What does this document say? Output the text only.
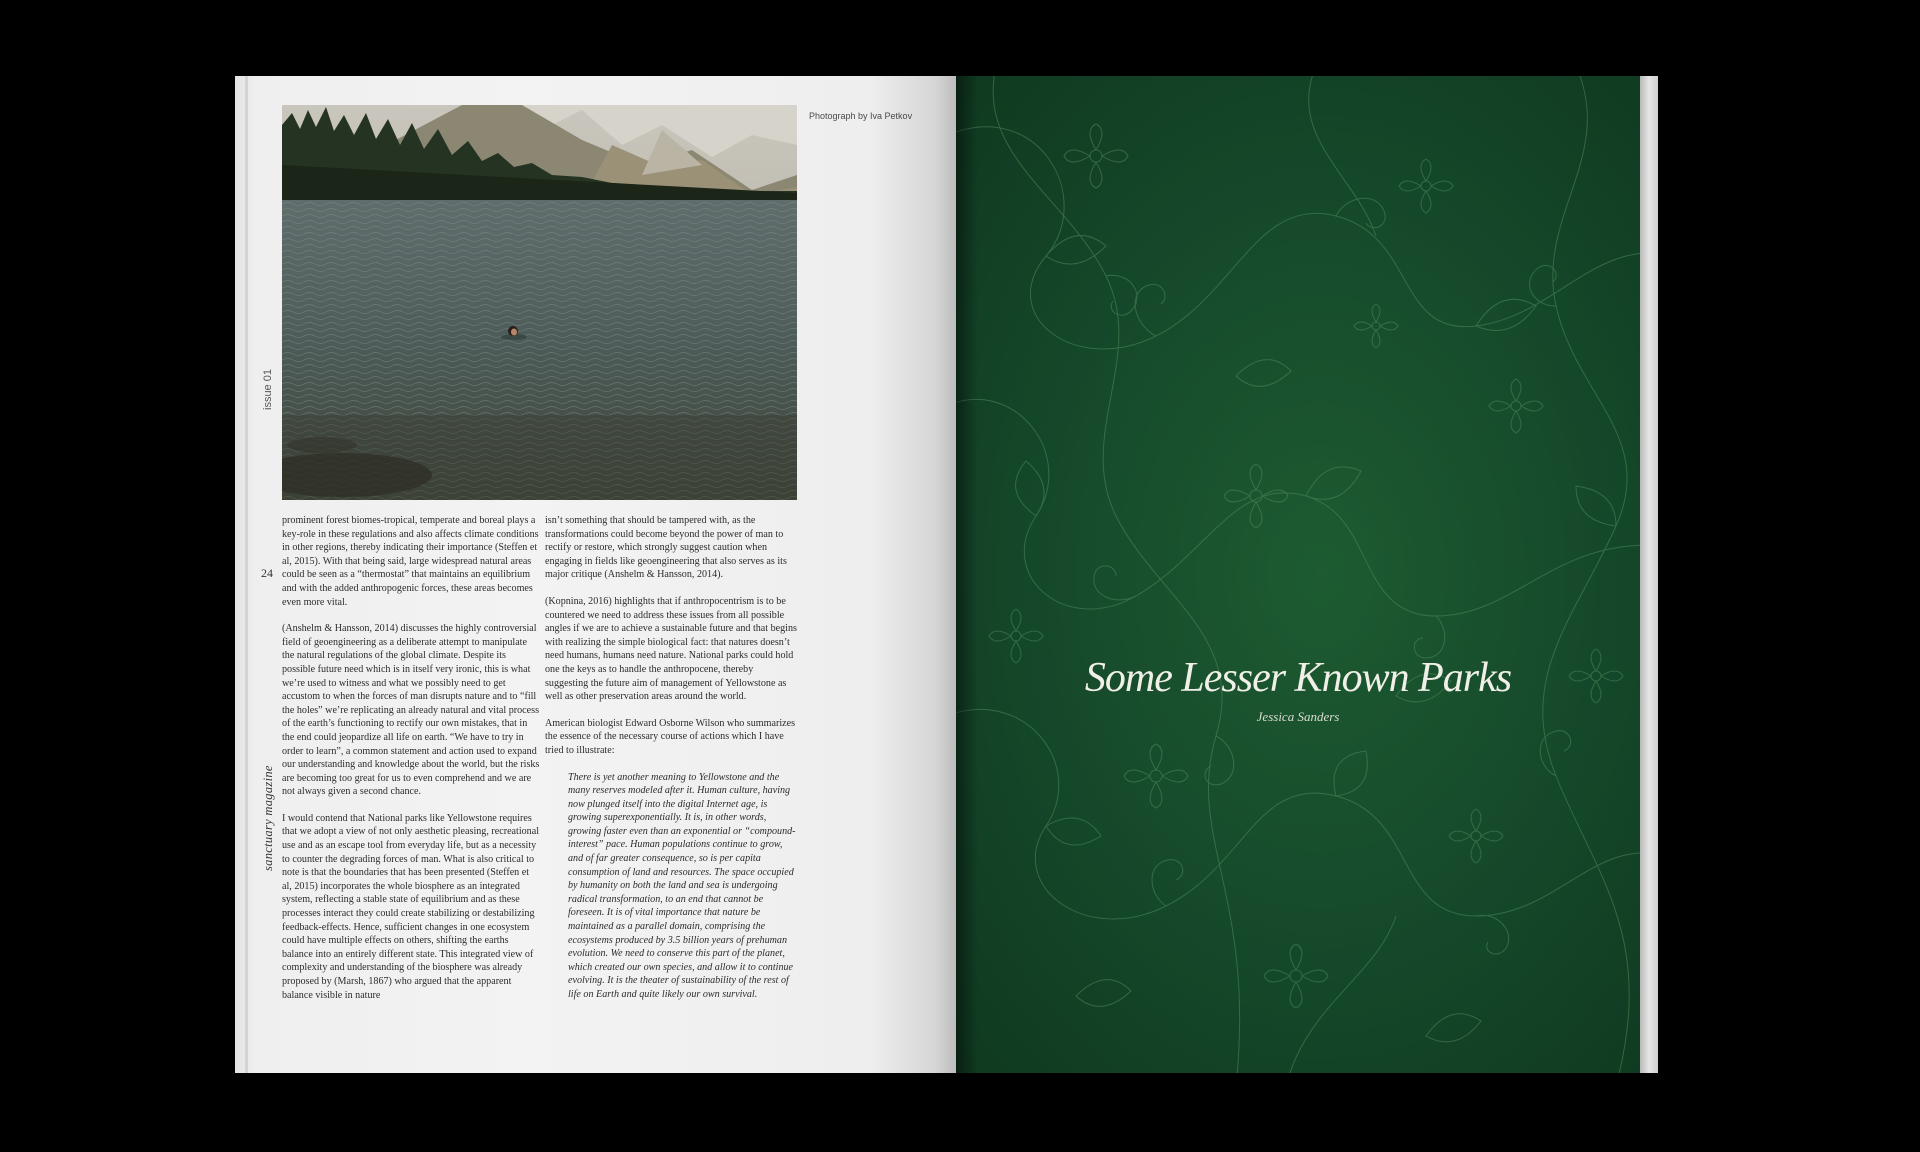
Photograph by Iva Petkov
issue 01
24
sanctuary magazine

prominent forest biomes-tropical, temperate and boreal plays a key-role in these regulations and also affects climate conditions in other regions, thereby indicating their importance (Steffen et al, 2015). With that being said, large widespread natural areas could be seen as a “thermostat” that maintains an equilibrium and with the added anthropogenic forces, these areas becomes even more vital.

(Anshelm & Hansson, 2014) discusses the highly controversial field of geoengineering as a deliberate attempt to manipulate the natural regulations of the global climate. Despite its possible future need which is in itself very ironic, this is what we’re used to witness and what we possibly need to get accustom to when the forces of man disrupts nature and to “fill the holes” we’re replicating an already natural and vital process of the earth’s functioning to rectify our own mistakes, that in the end could jeopardize all life on earth. “We have to try in order to learn”, a common statement and action used to expand our understanding and knowledge about the world, but the risks are becoming too great for us to even comprehend and we are not always given a second chance.

I would contend that National parks like Yellowstone requires that we adopt a view of not only aesthetic pleasing, recreational use and as an escape tool from everyday life, but as a necessity to counter the degrading forces of man. What is also critical to note is that the boundaries that has been presented (Steffen et al, 2015) incorporates the whole biosphere as an integrated system, reflecting a stable state of equilibrium and as these processes interact they could create stabilizing or destabilizing feedback-effects. Hence, sufficient changes in one ecosystem could have multiple effects on others, shifting the earths balance into an entirely different state. This integrated view of complexity and understanding of the biosphere was already proposed by (Marsh, 1867) who argued that the apparent balance visible in nature

isn’t something that should be tampered with, as the transformations could become beyond the power of man to rectify or restore, which strongly suggest caution when engaging in fields like geoengineering that also serves as its major critique (Anshelm & Hansson, 2014).

(Kopnina, 2016) highlights that if anthropocentrism is to be countered we need to address these issues from all possible angles if we are to achieve a sustainable future and that begins with realizing the simple biological fact: that natures doesn’t need humans, humans need nature. National parks could hold one the keys as to handle the anthropocene, thereby suggesting the future aim of management of Yellowstone as well as other preservation areas around the world.

American biologist Edward Osborne Wilson who summarizes the essence of the necessary course of actions which I have tried to illustrate:

There is yet another meaning to Yellowstone and the many reserves modeled after it. Human culture, having now plunged itself into the digital Internet age, is growing superexponentially. It is, in other words, growing faster even than an exponential or “compound-interest” pace. Human populations continue to grow, and of far greater consequence, so is per capita consumption of land and resources. The space occupied by humanity on both the land and sea is undergoing radical transformation, to an end that cannot be foreseen. It is of vital importance that nature be maintained as a parallel domain, comprising the ecosystems produced by 3.5 billion years of prehuman evolution. We need to conserve this part of the planet, which created our own species, and allow it to continue evolving. It is the theater of sustainability of the rest of life on Earth and quite likely our own survival.

Some Lesser Known Parks
Jessica Sanders
